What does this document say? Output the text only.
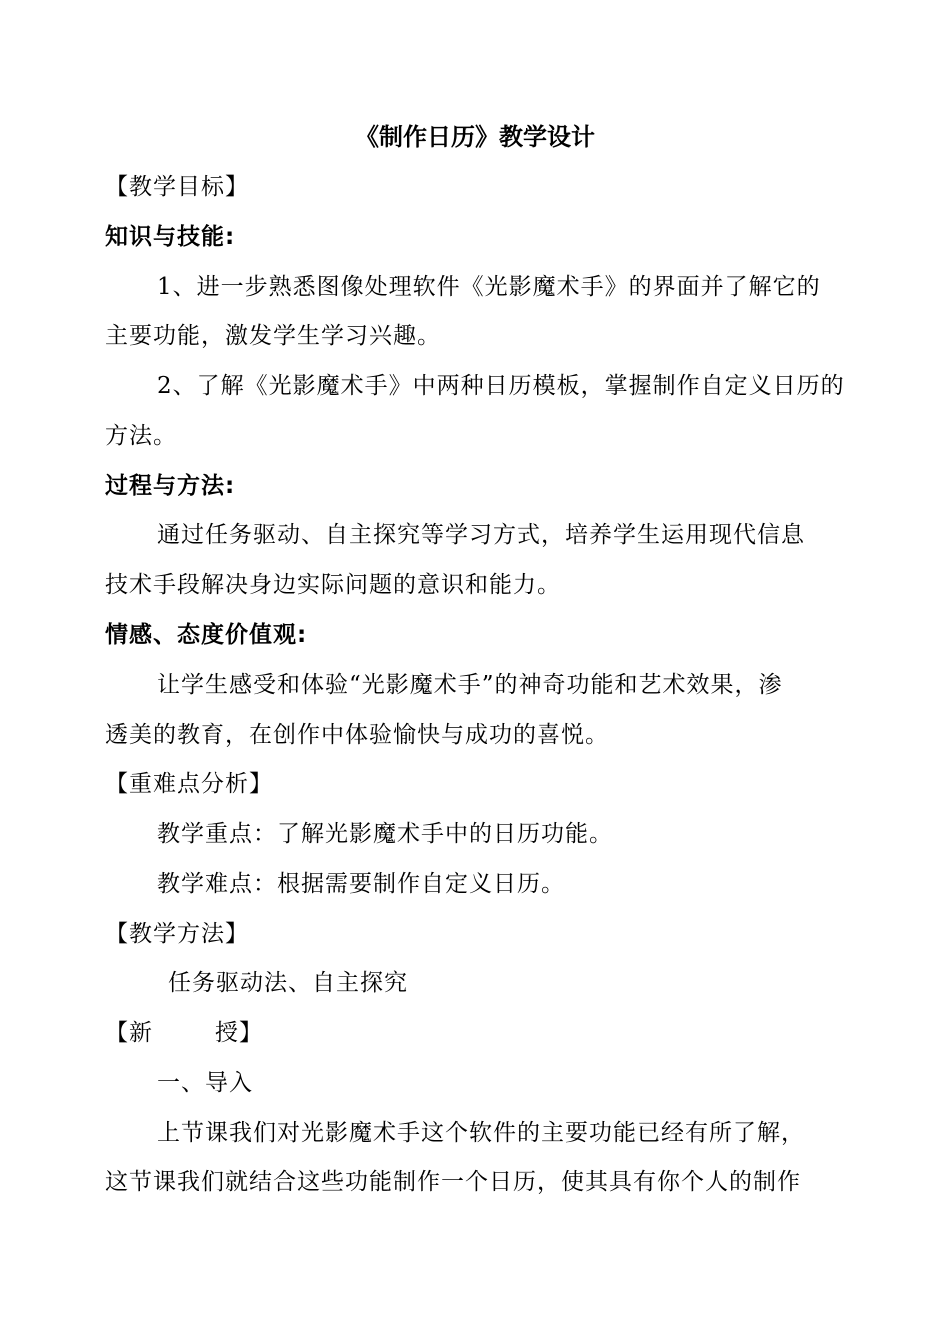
《制作日历》教学设计
【教学目标】
知识与技能:
1、进一步熟悉图像处理软件《光影魔术手》的界面并了解它的
主要功能，激发学生学习兴趣。
2、了解《光影魔术手》中两种日历模板，掌握制作自定义日历的
方法。
过程与方法:
通过任务驱动、自主探究等学习方式，培养学生运用现代信息
技术手段解决身边实际问题的意识和能力。
情感、态度价值观:
让学生感受和体验“光影魔术手”的神奇功能和艺术效果，渗
透美的教育，在创作中体验愉快与成功的喜悦。
【重难点分析】
教学重点：了解光影魔术手中的日历功能。
教学难点：根据需要制作自定义日历。
【教学方法】
任务驱动法、自主探究
【新	授】
一、导入
上节课我们对光影魔术手这个软件的主要功能已经有所了解，
这节课我们就结合这些功能制作一个日历，使其具有你个人的制作
